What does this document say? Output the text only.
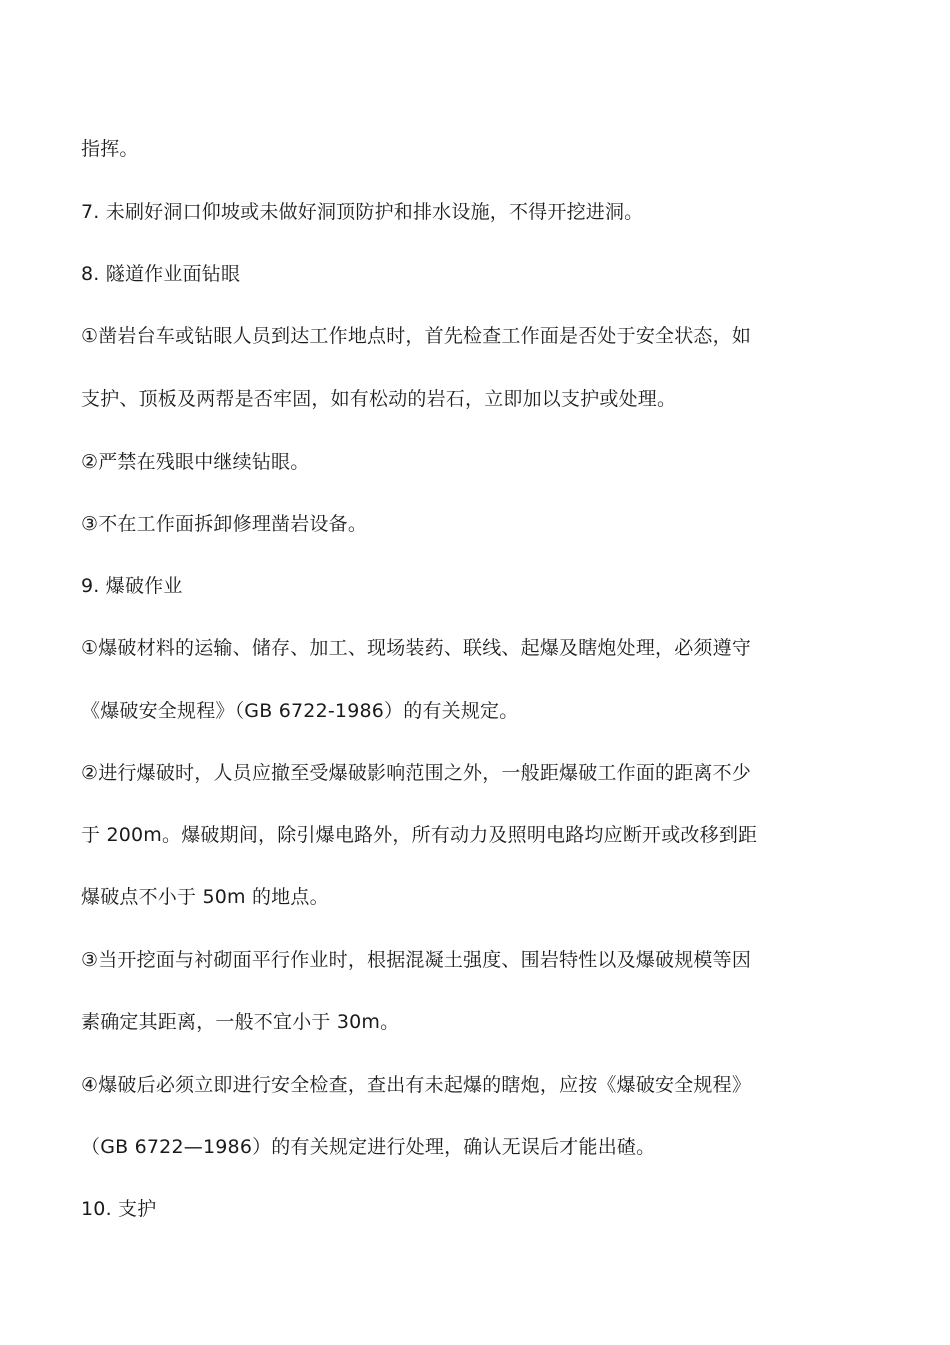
指挥。
7. 未刷好洞口仰坡或未做好洞顶防护和排水设施，不得开挖进洞。
8. 隧道作业面钻眼
①凿岩台车或钻眼人员到达工作地点时，首先检查工作面是否处于安全状态，如
支护、顶板及两帮是否牢固，如有松动的岩石，立即加以支护或处理。
②严禁在残眼中继续钻眼。
③不在工作面拆卸修理凿岩设备。
9. 爆破作业
①爆破材料的运输、储存、加工、现场装药、联线、起爆及瞎炮处理，必须遵守
《爆破安全规程》（GB 6722-1986）的有关规定。
②进行爆破时，人员应撤至受爆破影响范围之外，一般距爆破工作面的距离不少
于 200m。爆破期间，除引爆电路外，所有动力及照明电路均应断开或改移到距
爆破点不小于 50m 的地点。
③当开挖面与衬砌面平行作业时，根据混凝土强度、围岩特性以及爆破规模等因
素确定其距离，一般不宜小于 30m。
④爆破后必须立即进行安全检查，查出有未起爆的瞎炮，应按《爆破安全规程》
（GB 6722—1986）的有关规定进行处理，确认无误后才能出碴。
10. 支护
